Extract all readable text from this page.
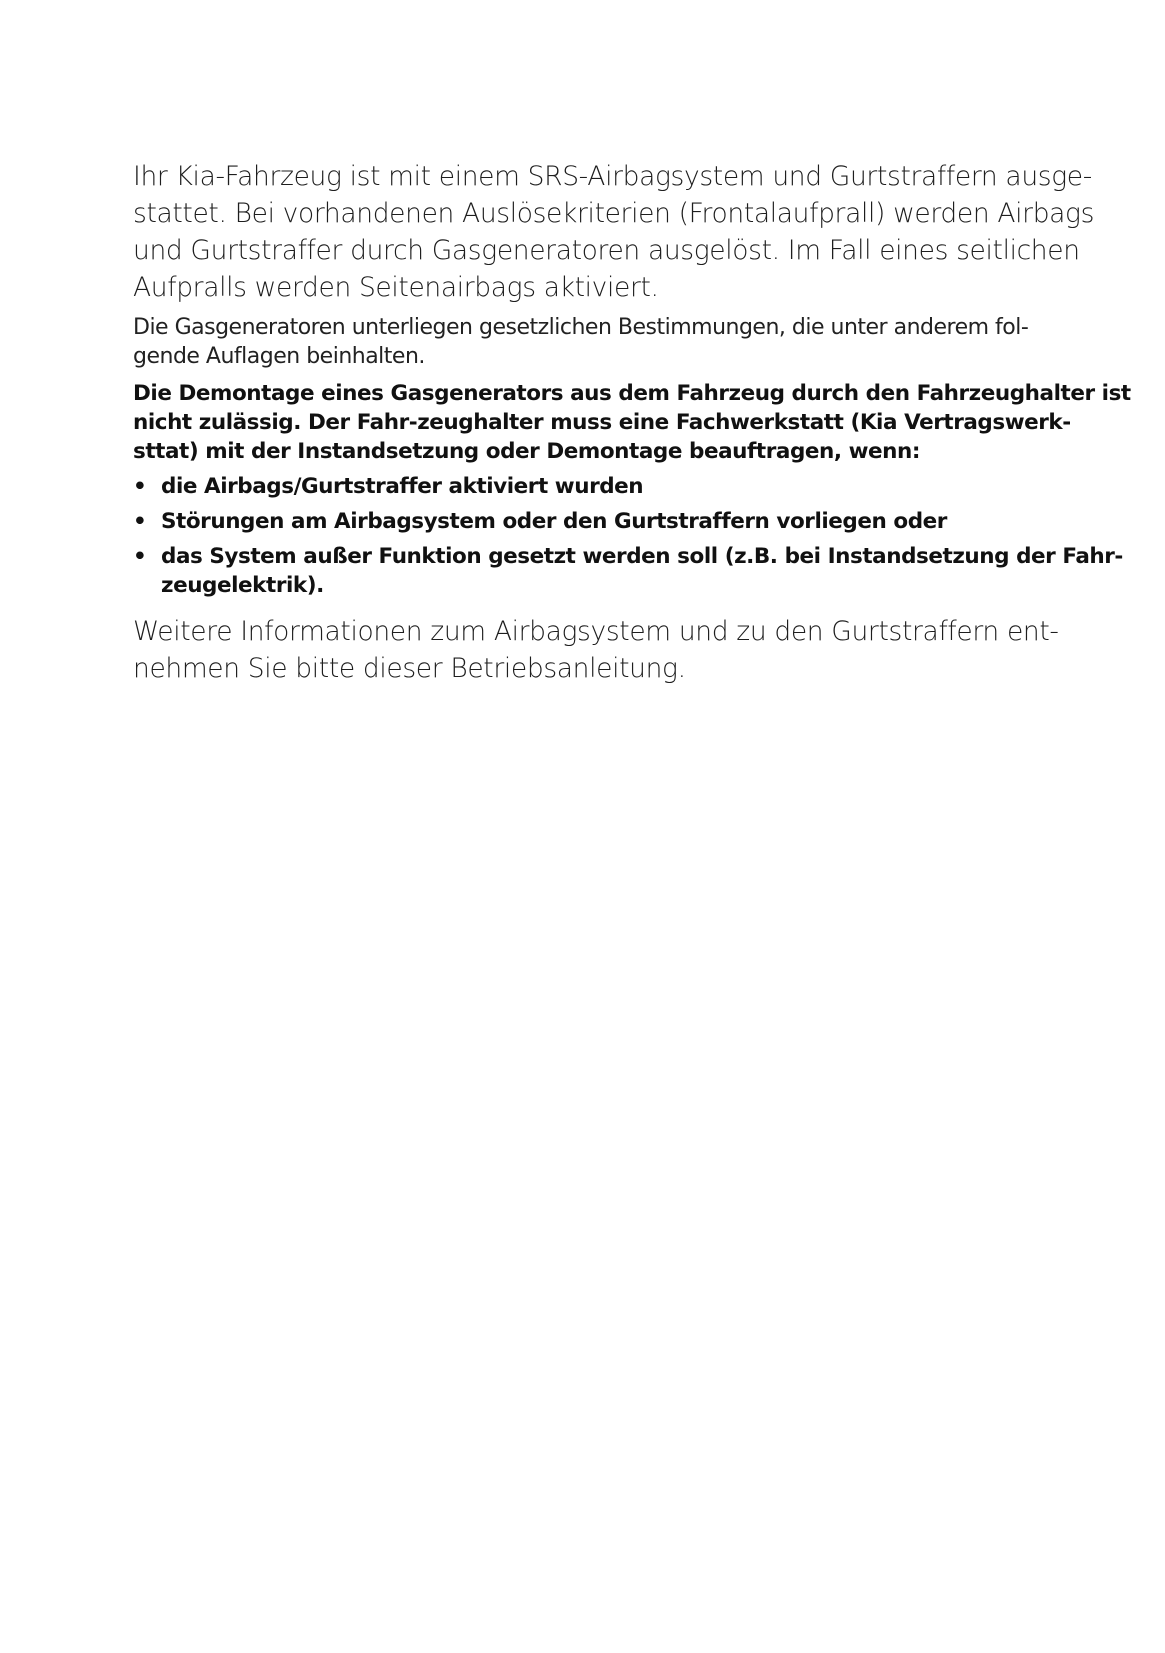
Ihr Kia-Fahrzeug ist mit einem SRS-Airbagsystem und Gurtstraffern ausge-
stattet. Bei vorhandenen Auslösekriterien (Frontalaufprall) werden Airbags
und Gurtstraffer durch Gasgeneratoren ausgelöst. Im Fall eines seitlichen
Aufpralls werden Seitenairbags aktiviert.

Die Gasgeneratoren unterliegen gesetzlichen Bestimmungen, die unter anderem fol-
gende Auflagen beinhalten.

Die Demontage eines Gasgenerators aus dem Fahrzeug durch den Fahrzeughalter ist
nicht zulässig. Der Fahr-zeughalter muss eine Fachwerkstatt (Kia Vertragswerk-
sttat) mit der Instandsetzung oder Demontage beauftragen, wenn:

• die Airbags/Gurtstraffer aktiviert wurden
• Störungen am Airbagsystem oder den Gurtstraffern vorliegen oder
• das System außer Funktion gesetzt werden soll (z.B. bei Instandsetzung der Fahr-
zeugelektrik).

Weitere Informationen zum Airbagsystem und zu den Gurtstraffern ent-
nehmen Sie bitte dieser Betriebsanleitung.
